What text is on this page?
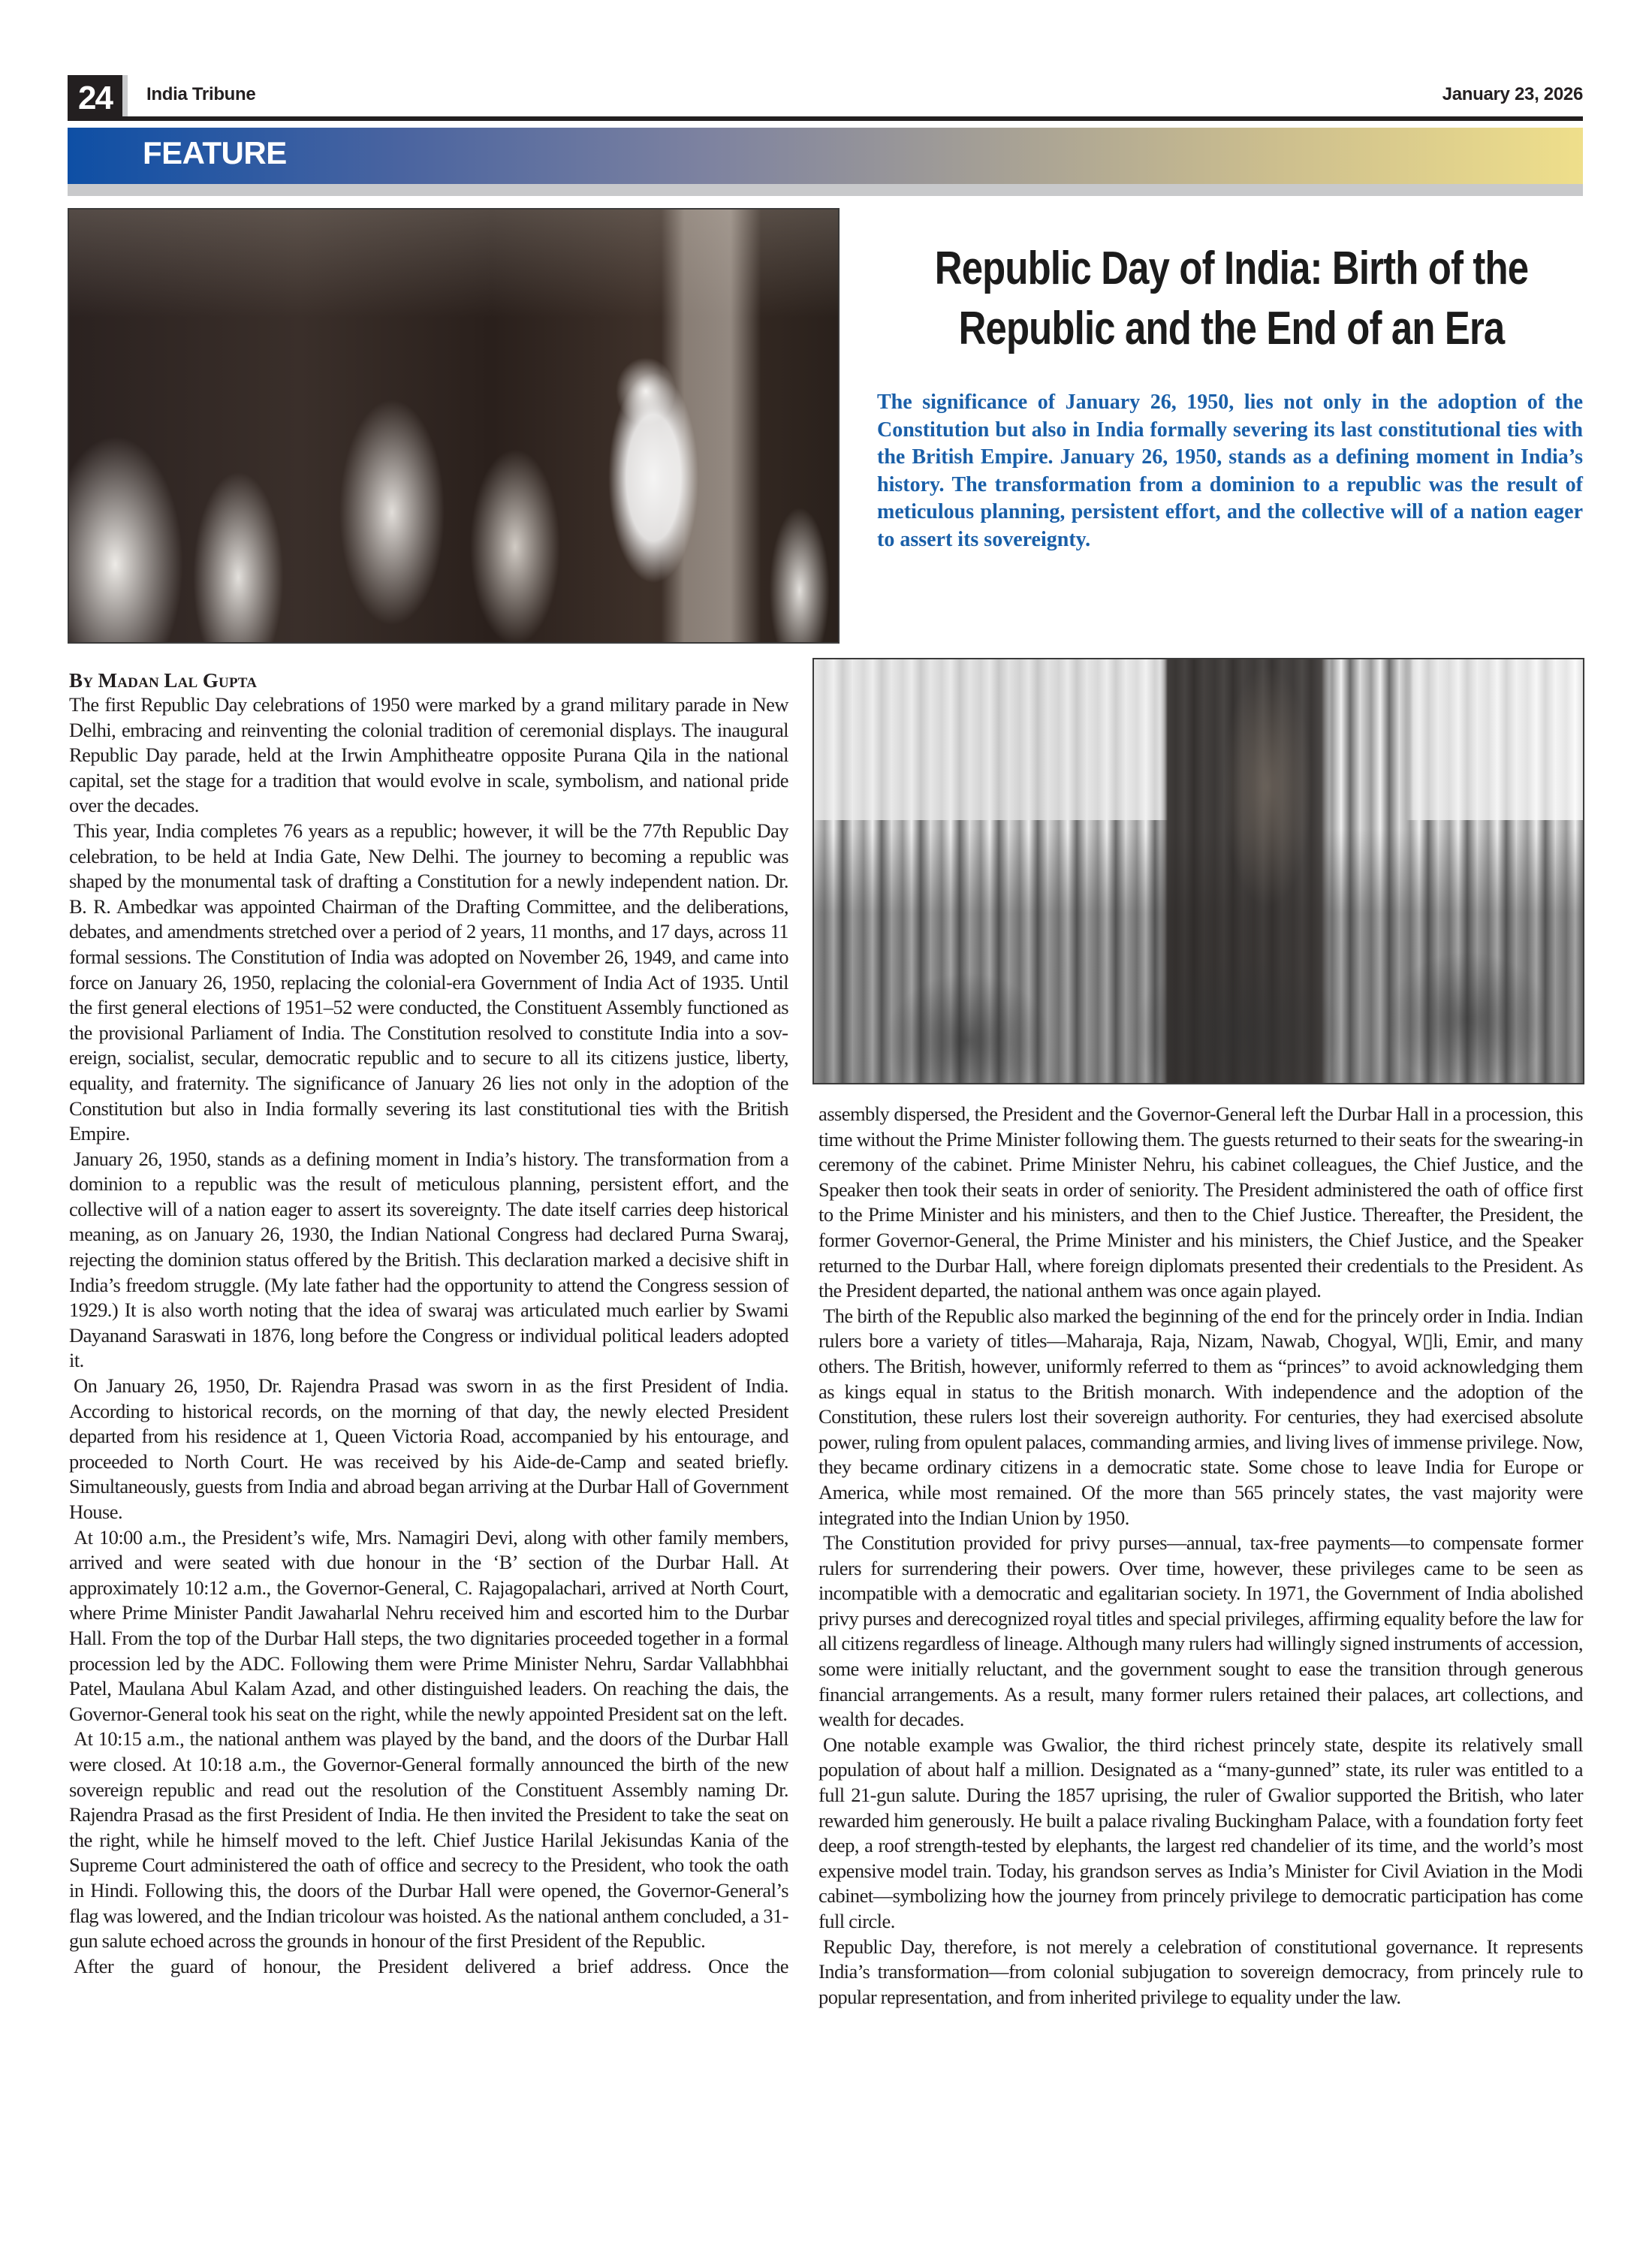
24	India Tribune	January 23, 2026
FEATURE
Republic Day of India: Birth of the
Republic and the End of an Era

The significance of January 26, 1950, lies not only in the adoption of the Constitution but also in India formally severing its last constitutional ties with the British Empire. January 26, 1950, stands as a defining moment in India’s history. The transformation from a dominion to a republic was the result of meticulous planning, persistent effort, and the collective will of a nation eager to assert its sovereignty.

By Madan Lal Gupta

The first Republic Day celebrations of 1950 were marked by a grand military parade in New Delhi, embracing and reinventing the colonial tradition of ceremonial displays. The inaugural Republic Day parade, held at the Irwin Amphitheatre opposite Purana Qila in the national capital, set the stage for a tradition that would evolve in scale, symbolism, and national pride over the decades.

This year, India completes 76 years as a republic; however, it will be the 77th Republic Day celebration, to be held at India Gate, New Delhi. The journey to becoming a republic was shaped by the monumental task of drafting a Constitution for a newly independent nation. Dr. B. R. Ambedkar was appointed Chairman of the Drafting Committee, and the deliberations, debates, and amendments stretched over a period of 2 years, 11 months, and 17 days, across 11 formal sessions. The Constitution of India was adopted on November 26, 1949, and came into force on January 26, 1950, replacing the colonial-era Government of India Act of 1935. Until the first general elections of 1951–52 were conducted, the Constituent Assembly functioned as the provisional Parliament of India. The Constitution resolved to constitute India into a sovereign, socialist, secular, democratic republic and to secure to all its citizens justice, liberty, equality, and fraternity. The significance of January 26 lies not only in the adoption of the Constitution but also in India formally severing its last constitutional ties with the British Empire.

January 26, 1950, stands as a defining moment in India’s history. The transformation from a dominion to a republic was the result of meticulous planning, persistent effort, and the collective will of a nation eager to assert its sovereignty. The date itself carries deep historical meaning, as on January 26, 1930, the Indian National Congress had declared Purna Swaraj, rejecting the dominion status offered by the British. This declaration marked a decisive shift in India’s freedom struggle. (My late father had the opportunity to attend the Congress session of 1929.) It is also worth noting that the idea of swaraj was articulated much earlier by Swami Dayanand Saraswati in 1876, long before the Congress or individual political leaders adopted it.

On January 26, 1950, Dr. Rajendra Prasad was sworn in as the first President of India. According to historical records, on the morning of that day, the newly elected President departed from his residence at 1, Queen Victoria Road, accompanied by his entourage, and proceeded to North Court. He was received by his Aide-de-Camp and seated briefly. Simultaneously, guests from India and abroad began arriving at the Durbar Hall of Government House.

At 10:00 a.m., the President’s wife, Mrs. Namagiri Devi, along with other family members, arrived and were seated with due honour in the ‘B’ section of the Durbar Hall. At approximately 10:12 a.m., the Governor-General, C. Rajagopalachari, arrived at North Court, where Prime Minister Pandit Jawaharlal Nehru received him and escorted him to the Durbar Hall. From the top of the Durbar Hall steps, the two dignitaries proceeded together in a formal procession led by the ADC. Following them were Prime Minister Nehru, Sardar Vallabhbhai Patel, Maulana Abul Kalam Azad, and other distinguished leaders. On reaching the dais, the Governor-General took his seat on the right, while the newly appointed President sat on the left.

At 10:15 a.m., the national anthem was played by the band, and the doors of the Durbar Hall were closed. At 10:18 a.m., the Governor-General formally announced the birth of the new sovereign republic and read out the resolution of the Constituent Assembly naming Dr. Rajendra Prasad as the first President of India. He then invited the President to take the seat on the right, while he himself moved to the left. Chief Justice Harilal Jekisundas Kania of the Supreme Court administered the oath of office and secrecy to the President, who took the oath in Hindi. Following this, the doors of the Durbar Hall were opened, the Governor-General’s flag was lowered, and the Indian tricolour was hoisted. As the national anthem concluded, a 31-gun salute echoed across the grounds in honour of the first President of the Republic.

After the guard of honour, the President delivered a brief address. Once the

assembly dispersed, the President and the Governor-General left the Durbar Hall in a procession, this time without the Prime Minister following them. The guests returned to their seats for the swearing-in ceremony of the cabinet. Prime Minister Nehru, his cabinet colleagues, the Chief Justice, and the Speaker then took their seats in order of seniority. The President administered the oath of office first to the Prime Minister and his ministers, and then to the Chief Justice. Thereafter, the President, the former Governor-General, the Prime Minister and his ministers, the Chief Justice, and the Speaker returned to the Durbar Hall, where foreign diplomats presented their credentials to the President. As the President departed, the national anthem was once again played.

The birth of the Republic also marked the beginning of the end for the princely order in India. Indian rulers bore a variety of titles—Maharaja, Raja, Nizam, Nawab, Chogyal, W▯li, Emir, and many others. The British, however, uniformly referred to them as “princes” to avoid acknowledging them as kings equal in status to the British monarch. With independence and the adoption of the Constitution, these rulers lost their sovereign authority. For centuries, they had exercised absolute power, ruling from opulent palaces, commanding armies, and living lives of immense privilege. Now, they became ordinary citizens in a democratic state. Some chose to leave India for Europe or America, while most remained. Of the more than 565 princely states, the vast majority were integrated into the Indian Union by 1950.

The Constitution provided for privy purses—annual, tax-free payments—to compensate former rulers for surrendering their powers. Over time, however, these privileges came to be seen as incompatible with a democratic and egalitarian society. In 1971, the Government of India abolished privy purses and derecognized royal titles and special privileges, affirming equality before the law for all citizens regardless of lineage. Although many rulers had willingly signed instruments of accession, some were initially reluctant, and the government sought to ease the transition through generous financial arrangements. As a result, many former rulers retained their palaces, art collections, and wealth for decades.

One notable example was Gwalior, the third richest princely state, despite its relatively small population of about half a million. Designated as a “many-gunned” state, its ruler was entitled to a full 21-gun salute. During the 1857 uprising, the ruler of Gwalior supported the British, who later rewarded him generously. He built a palace rivaling Buckingham Palace, with a foundation forty feet deep, a roof strength-tested by elephants, the largest red chandelier of its time, and the world’s most expensive model train. Today, his grandson serves as India’s Minister for Civil Aviation in the Modi cabinet—symbolizing how the journey from princely privilege to democratic participation has come full circle.

Republic Day, therefore, is not merely a celebration of constitutional governance. It represents India’s transformation—from colonial subjugation to sovereign democracy, from princely rule to popular representation, and from inherited privilege to equality under the law.
